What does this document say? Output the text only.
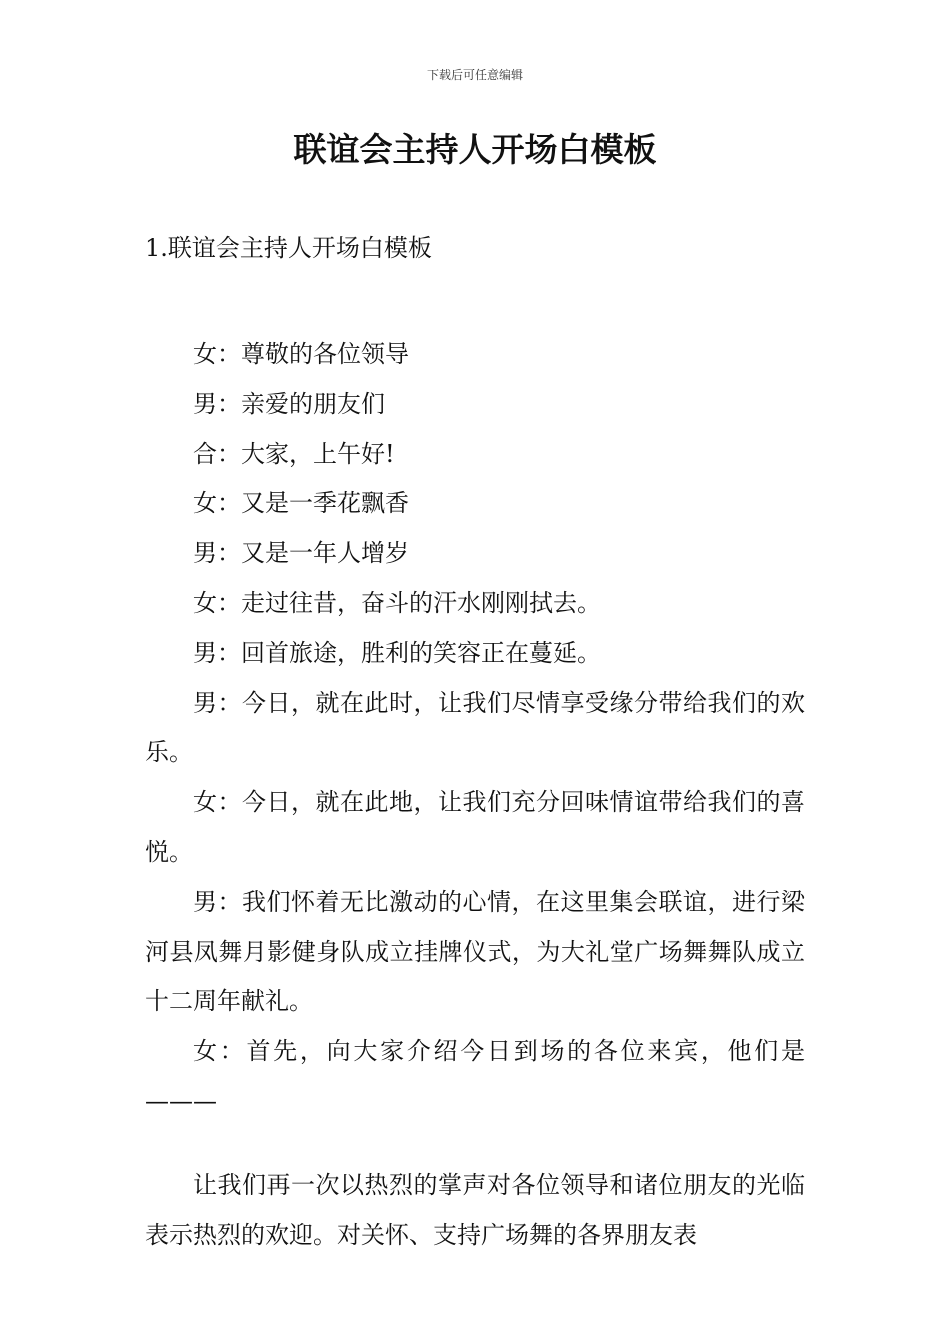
下载后可任意编辑
联谊会主持人开场白模板
1.联谊会主持人开场白模板

女：尊敬的各位领导

男：亲爱的朋友们

合：大家，上午好!

女：又是一季花飘香

男：又是一年人增岁

女：走过往昔，奋斗的汗水刚刚拭去。

男：回首旅途，胜利的笑容正在蔓延。

男：今日，就在此时，让我们尽情享受缘分带给我们的欢乐。

女：今日，就在此地，让我们充分回味情谊带给我们的喜悦。

男：我们怀着无比激动的心情，在这里集会联谊，进行梁河县凤舞月影健身队成立挂牌仪式，为大礼堂广场舞舞队成立十二周年献礼。

女：首先，向大家介绍今日到场的各位来宾，他们是———

让我们再一次以热烈的掌声对各位领导和诸位朋友的光临表示热烈的欢迎。对关怀、支持广场舞的各界朋友表
